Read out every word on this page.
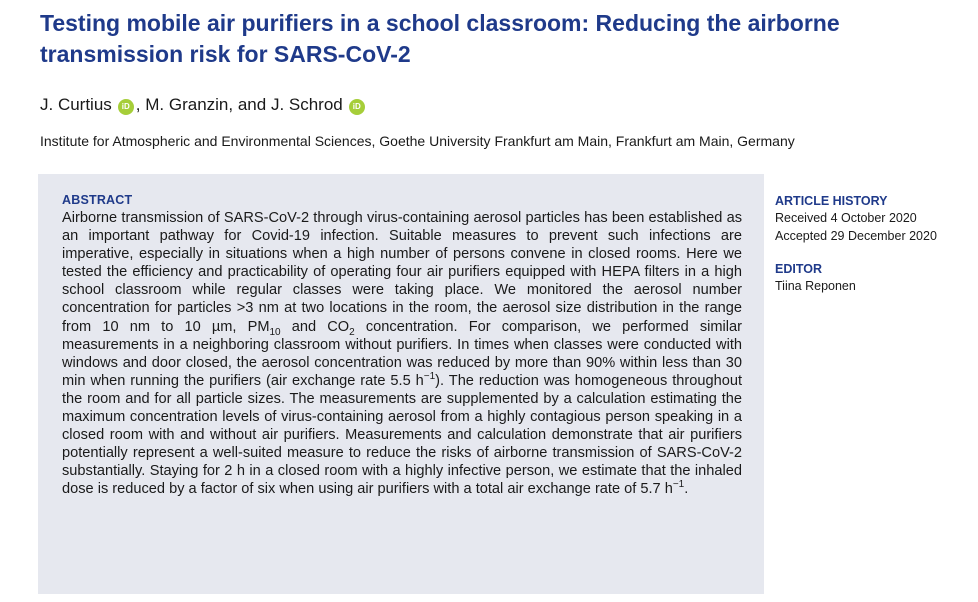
Testing mobile air purifiers in a school classroom: Reducing the airborne transmission risk for SARS-CoV-2
J. Curtius iD , M. Granzin, and J. Schrod iD
Institute for Atmospheric and Environmental Sciences, Goethe University Frankfurt am Main, Frankfurt am Main, Germany
ABSTRACT
Airborne transmission of SARS-CoV-2 through virus-containing aerosol particles has been established as an important pathway for Covid-19 infection. Suitable measures to prevent such infections are imperative, especially in situations when a high number of persons convene in closed rooms. Here we tested the efficiency and practicability of operating four air purifiers equipped with HEPA filters in a high school classroom while regular classes were taking place. We monitored the aerosol number concentration for particles >3 nm at two locations in the room, the aerosol size distribution in the range from 10 nm to 10 µm, $PM_{10}$ and $CO_2$ concentration. For comparison, we performed similar measurements in a neighboring classroom without purifiers. In times when classes were conducted with windows and door closed, the aerosol concentration was reduced by more than 90% within less than 30 min when running the purifiers (air exchange rate 5.5 $h^{-1}$). The reduction was homogeneous throughout the room and for all particle sizes. The measurements are supplemented by a calculation estimating the maximum concentration levels of virus-containing aerosol from a highly contagious person speaking in a closed room with and without air purifiers. Measurements and calculation demonstrate that air purifiers potentially represent a well-suited measure to reduce the risks of airborne transmission of SARS-CoV-2 substantially. Staying for 2 h in a closed room with a highly infective person, we estimate that the inhaled dose is reduced by a factor of six when using air purifiers with a total air exchange rate of 5.7 $h^{-1}$.
ARTICLE HISTORY
Received 4 October 2020
Accepted 29 December 2020
EDITOR
Tiina Reponen
